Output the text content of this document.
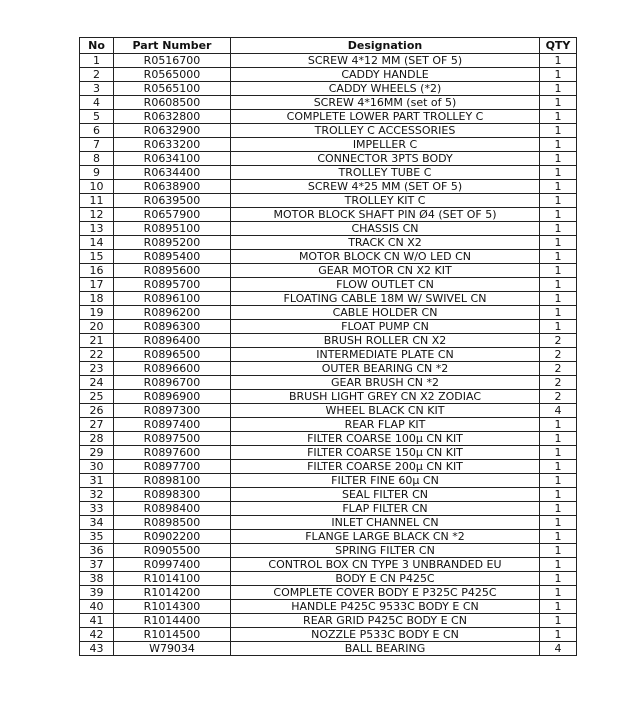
No	Part Number	Designation	QTY
1	R0516700	SCREW 4*12 MM (SET OF 5)	1
2	R0565000	CADDY HANDLE	1
3	R0565100	CADDY WHEELS (*2)	1
4	R0608500	SCREW 4*16MM (set of 5)	1
5	R0632800	COMPLETE LOWER PART TROLLEY C	1
6	R0632900	TROLLEY C ACCESSORIES	1
7	R0633200	IMPELLER C	1
8	R0634100	CONNECTOR 3PTS BODY	1
9	R0634400	TROLLEY TUBE C	1
10	R0638900	SCREW 4*25 MM (SET OF 5)	1
11	R0639500	TROLLEY KIT C	1
12	R0657900	MOTOR BLOCK SHAFT PIN Ø4 (SET OF 5)	1
13	R0895100	CHASSIS CN	1
14	R0895200	TRACK CN X2	1
15	R0895400	MOTOR BLOCK CN W/O LED CN	1
16	R0895600	GEAR MOTOR CN X2 KIT	1
17	R0895700	FLOW OUTLET CN	1
18	R0896100	FLOATING CABLE 18M W/ SWIVEL CN	1
19	R0896200	CABLE HOLDER CN	1
20	R0896300	FLOAT PUMP CN	1
21	R0896400	BRUSH ROLLER CN X2	2
22	R0896500	INTERMEDIATE PLATE CN	2
23	R0896600	OUTER BEARING CN *2	2
24	R0896700	GEAR BRUSH CN *2	2
25	R0896900	BRUSH LIGHT GREY CN X2 ZODIAC	2
26	R0897300	WHEEL BLACK CN KIT	4
27	R0897400	REAR FLAP KIT	1
28	R0897500	FILTER COARSE 100µ CN KIT	1
29	R0897600	FILTER COARSE 150µ CN KIT	1
30	R0897700	FILTER COARSE 200µ CN KIT	1
31	R0898100	FILTER FINE 60µ CN	1
32	R0898300	SEAL FILTER CN	1
33	R0898400	FLAP FILTER CN	1
34	R0898500	INLET CHANNEL CN	1
35	R0902200	FLANGE LARGE BLACK CN *2	1
36	R0905500	SPRING FILTER CN	1
37	R0997400	CONTROL BOX CN TYPE 3 UNBRANDED EU	1
38	R1014100	BODY E CN P425C	1
39	R1014200	COMPLETE COVER BODY E P325C P425C	1
40	R1014300	HANDLE P425C 9533C BODY E CN	1
41	R1014400	REAR GRID P425C BODY E CN	1
42	R1014500	NOZZLE P533C BODY E CN	1
43	W79034	BALL BEARING	4
